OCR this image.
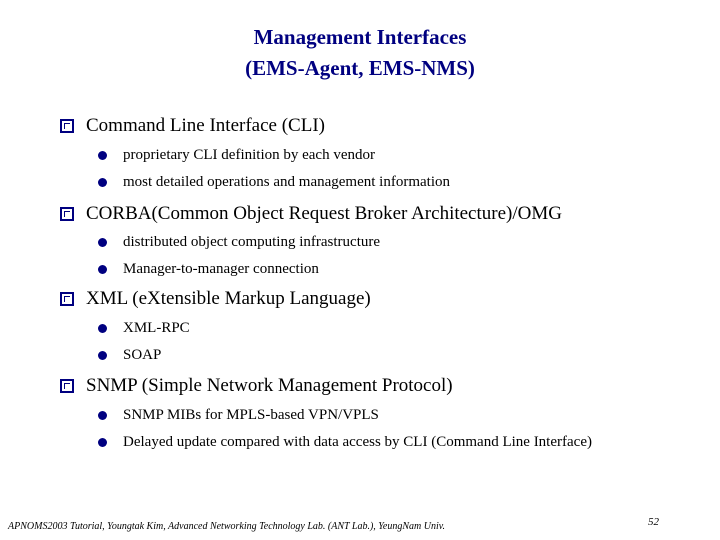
Management Interfaces
(EMS-Agent, EMS-NMS)
Command Line Interface (CLI)
proprietary CLI definition by each vendor
most detailed operations and management information
CORBA(Common Object Request Broker Architecture)/OMG
distributed object computing infrastructure
Manager-to-manager connection
XML (eXtensible Markup Language)
XML-RPC
SOAP
SNMP (Simple Network Management Protocol)
SNMP MIBs for MPLS-based VPN/VPLS
Delayed update compared with data access by CLI (Command Line Interface)
APNOMS2003 Tutorial, Youngtak Kim, Advanced Networking Technology Lab. (ANT Lab.), YeungNam Univ.	52
